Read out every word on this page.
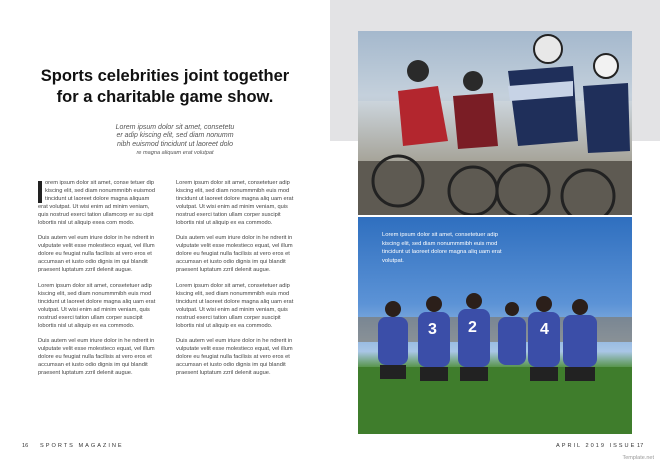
Sports celebrities joint together
for a charitable game show.
Lorem ipsum dolor sit amet, consetetu
er adip kiscing elit, sed diam nonumm
nibh euismod tincidunt ut laoreet dolo
re magna aliquam erat volutpat

orem ipsum dolor sit amet, conse tetuer dip kiscing elit, sed diam nonummnibh euismod tincidunt ut laoreet dolore magna aliquam erat volutpat. Ut wisi enim ad minim veniam, quis nostrud exerci tation ullamcorp er su cipit lobortis nisl ut aliquip exea com modo.

Duis autem vel eum iriure dolor in he ndrerit in vulputate velit esse molestieco equat, vel illum dolore eu feugiat nulla facilisis at vero eros et accumsan et iusto odio dignis im qui blandit praesent luptatum zzril delenit augue.

Lorem ipsum dolor sit amet, consetetuer adip kiscing elit, sed diam nonummmibh euis mod tincidunt ut laoreet dolore magna aliq uam erat volutpat. Ut wisi enim ad minim veniam, quis nostrud exerci tation ullam corper suscipit lobortis nisl ut aliquip ex ea commodo.

Duis autem vel eum iriure dolor in he ndrerit in vulputate velit esse molestieco equat, vel illum dolore eu feugiat nulla facilisis at vero eros et accumsan et iusto odio dignis im qui blandit praesent luptatum zzril delenit augue.

Lorem ipsum dolor sit amet, consetetuer adip kiscing elit, sed diam nonummmibh euis mod tincidunt ut laoreet dolore magna aliq uam erat volutpat. Ut wisi enim ad minim veniam, quis nostrud exerci tation ullam corper suscipit lobortis nisl ut aliquip ex ea commodo.

Duis autem vel eum iriure dolor in he ndrerit in vulputate velit esse molestieco equat, vel illum dolore eu feugiat nulla facilisis at vero eros et accumsan et iusto odio dignis im qui blandit praesent luptatum zzril delenit augue.

Lorem ipsum dolor sit amet, consetetuer adip kiscing elit, sed diam nonummmibh euis mod tincidunt ut laoreet dolore magna aliq uam erat volutpat. Ut wisi enim ad minim veniam, quis nostrud exerci tation ullam corper suscipit lobortis nisl ut aliquip ex ea commodo.

Duis autem vel eum iriure dolor in he ndrerit in vulputate velit esse molestieco equat, vel illum dolore eu feugiat nulla facilisis at vero eros et accumsan et iusto odio dignis im qui blandit praesent luptatum zzril delenit augue.

3 2	4
Lorem ipsum dolor sit amet, consetetuer adip kiscing elit, sed diam nonummmibh euis mod tincidunt ut laoreet dolore magna aliq uam erat volutpat.
16 SPORTS MAGAZINE	APRIL 2019 ISSUE 17
Template.net
